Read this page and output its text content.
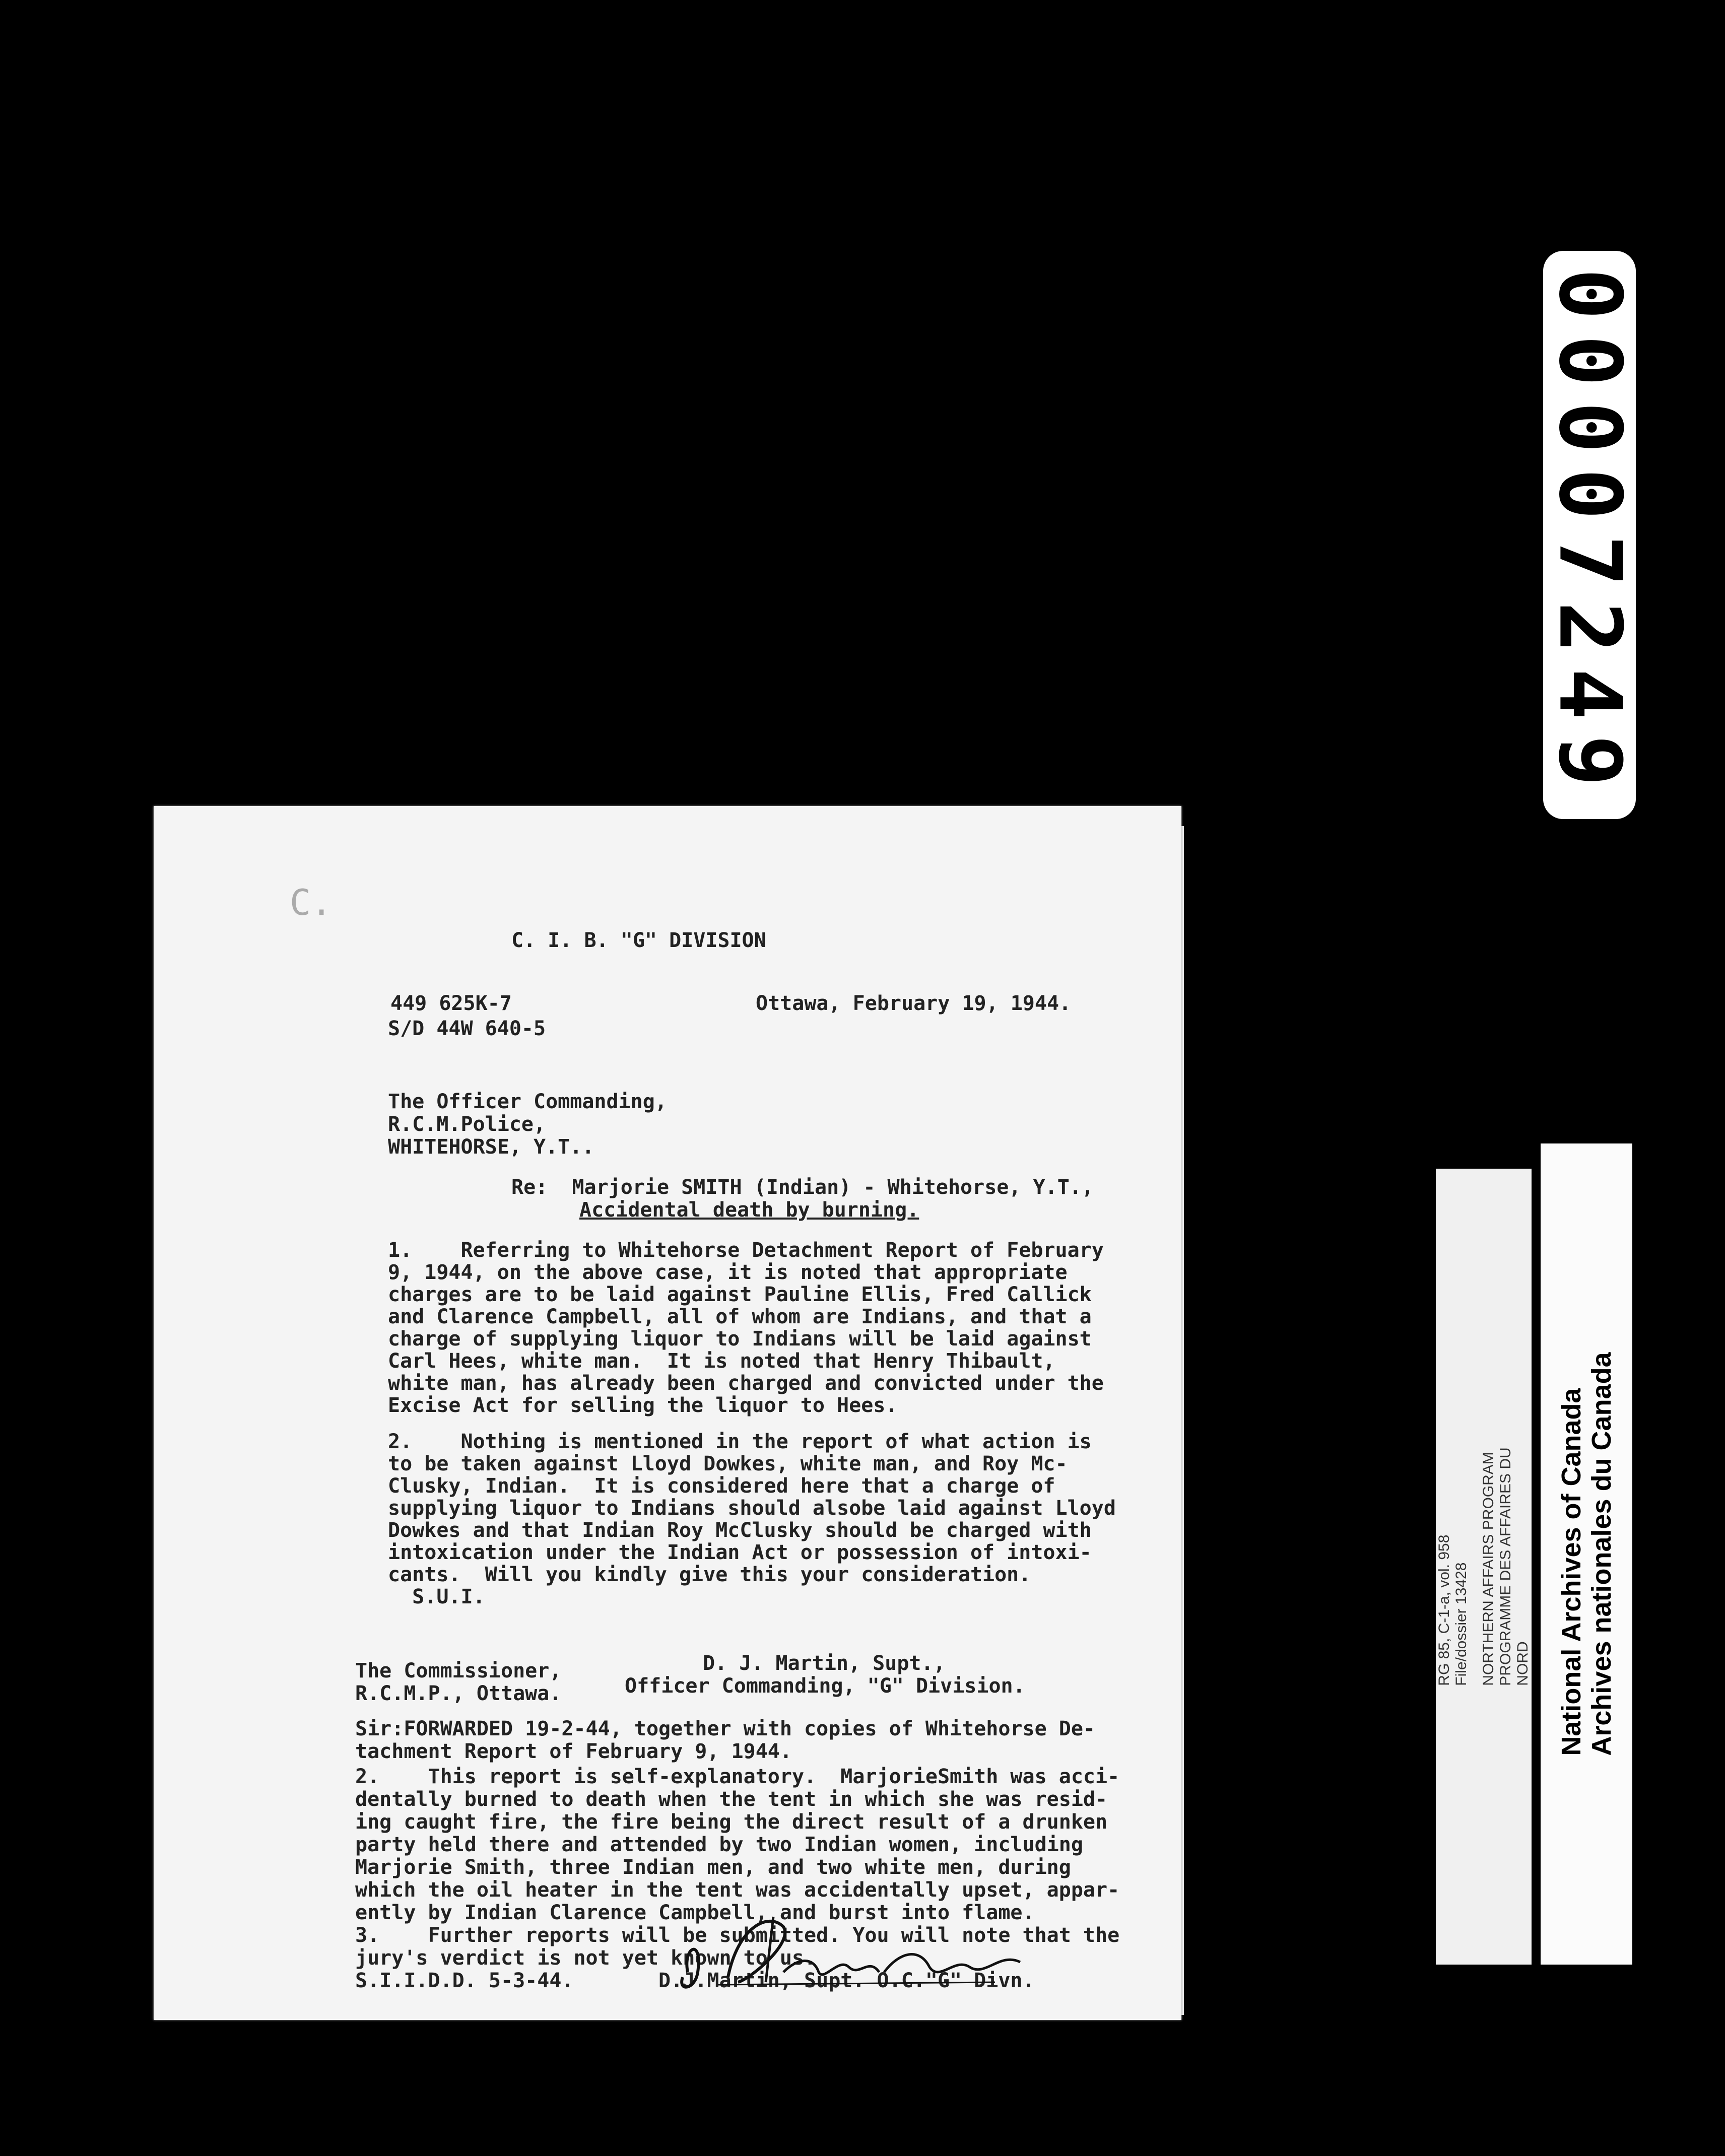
00007249
RG 85, C-1-a, vol. 958 File/dossier 13428 NORTHERN AFFAIRS PROGRAM PROGRAMME DES AFFAIRES DU NORD National Archives of Canada Archives nationales du Canada
C.
C. I. B. "G" DIVISION
449 625K-7	Ottawa, February 19, 1944.
S/D 44W 640-5
The Officer Commanding,
R.C.M.Police,
WHITEHORSE, Y.T..
Re:  Marjorie SMITH (Indian) - Whitehorse, Y.T.,
Accidental death by burning.
1.    Referring to Whitehorse Detachment Report of February
9, 1944, on the above case, it is noted that appropriate
charges are to be laid against Pauline Ellis, Fred Callick
and Clarence Campbell, all of whom are Indians, and that a
charge of supplying liquor to Indians will be laid against
Carl Hees, white man.  It is noted that Henry Thibault,
white man, has already been charged and convicted under the
Excise Act for selling the liquor to Hees.
2.    Nothing is mentioned in the report of what action is
to be taken against Lloyd Dowkes, white man, and Roy Mc-
Clusky, Indian.  It is considered here that a charge of
supplying liquor to Indians should alsobe laid against Lloyd
Dowkes and that Indian Roy McClusky should be charged with
intoxication under the Indian Act or possession of intoxi-
cants.  Will you kindly give this your consideration.
S.U.I.
The Commissioner,
R.C.M.P., Ottawa.
D. J. Martin, Supt.,
Officer Commanding, "G" Division.
Sir:FORWARDED 19-2-44, together with copies of Whitehorse De-
tachment Report of February 9, 1944.
2.    This report is self-explanatory.  MarjorieSmith was acci-
dentally burned to death when the tent in which she was resid-
ing caught fire, the fire being the direct result of a drunken
party held there and attended by two Indian women, including
Marjorie Smith, three Indian men, and two white men, during
which the oil heater in the tent was accidentally upset, appar-
ently by Indian Clarence Campbell, and burst into flame.
3.    Further reports will be submitted. You will note that the
jury's verdict is not yet known to us.
S.I.I.D.D. 5-3-44.       D.J.Martin, Supt. O.C."G" Divn.
